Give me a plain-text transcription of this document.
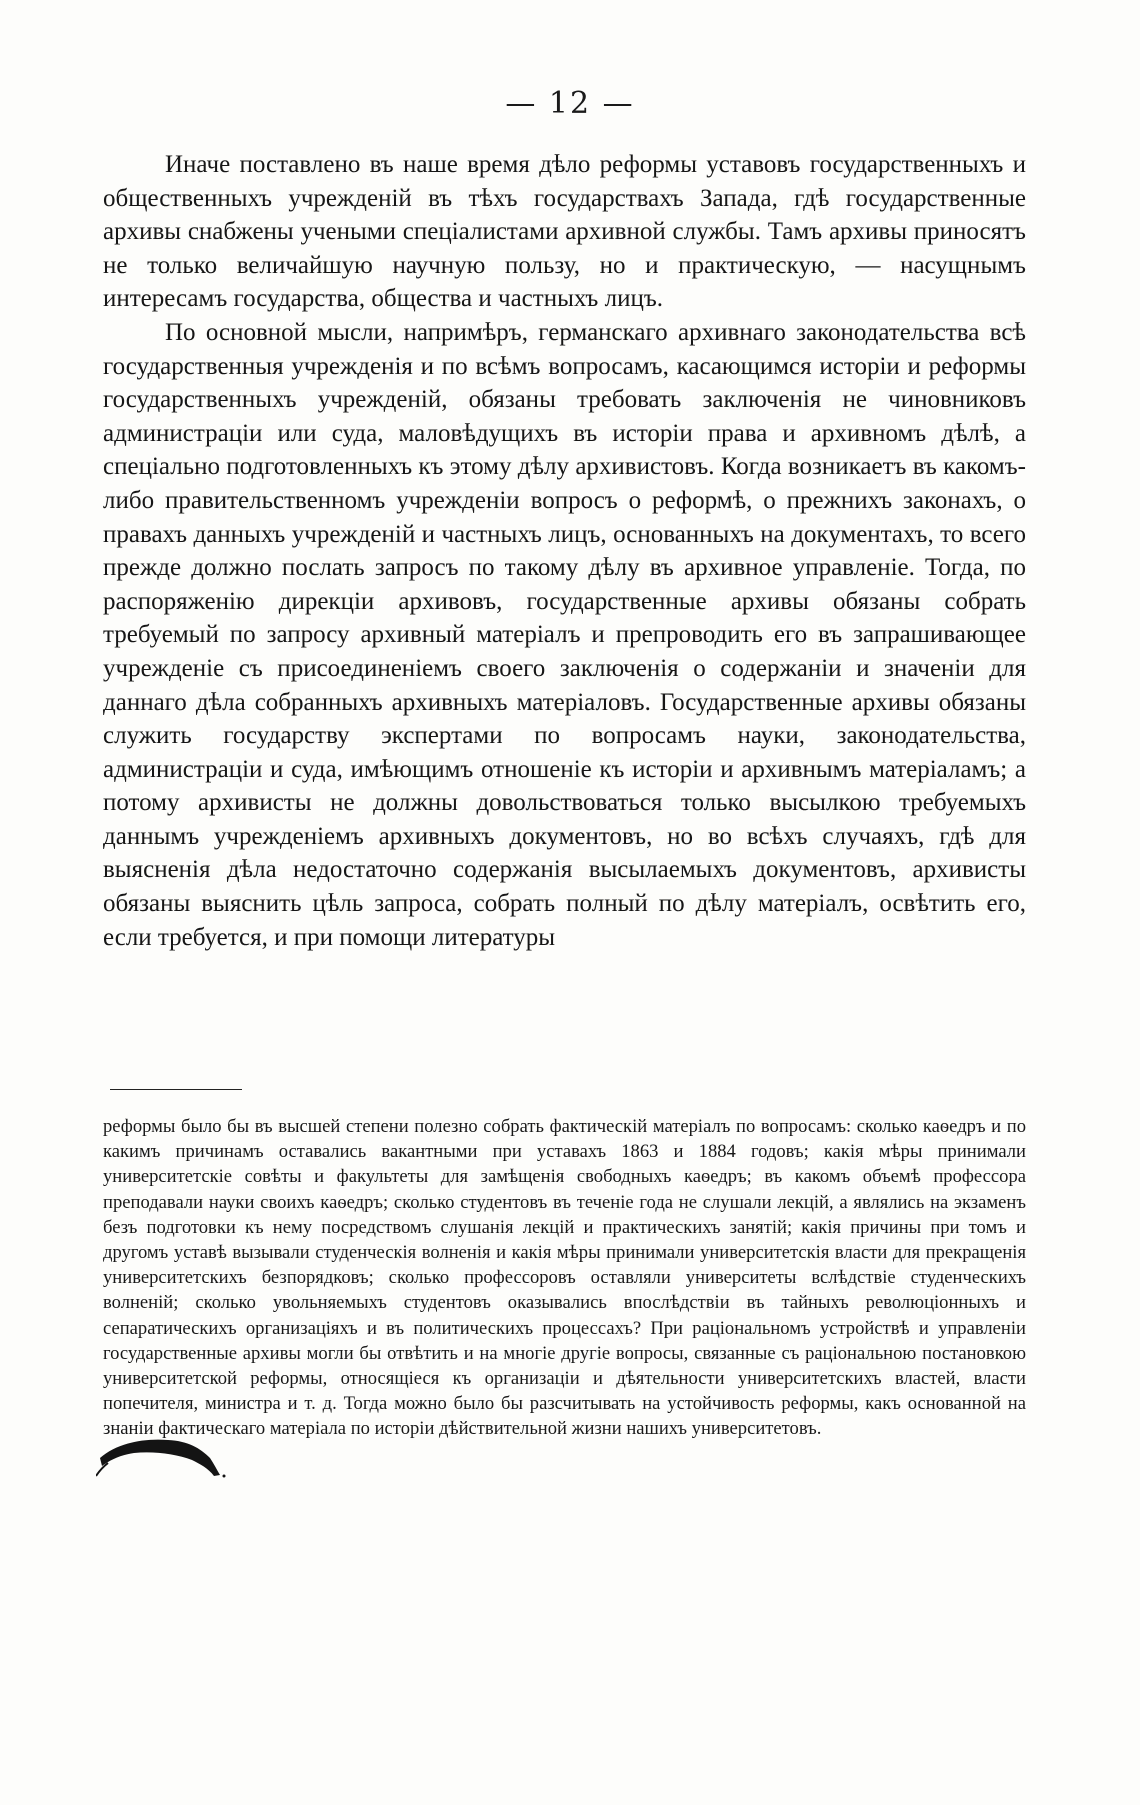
— 12 —

Иначе поставлено въ наше время дѣло реформы уставовъ государственныхъ и общественныхъ учрежденій въ тѣхъ государствахъ Запада, гдѣ государственные архивы снабжены учеными спеціалистами архивной службы. Тамъ архивы приносятъ не только величайшую научную пользу, но и практическую, — насущнымъ интересамъ государства, общества и частныхъ лицъ.

По основной мысли, напримѣръ, германскаго архивнаго законодательства всѣ государственныя учрежденія и по всѣмъ вопросамъ, касающимся исторіи и реформы государственныхъ учрежденій, обязаны требовать заключенія не чиновниковъ администраціи или суда, маловѣдущихъ въ исторіи права и архивномъ дѣлѣ, а спеціально подготовленныхъ къ этому дѣлу архивистовъ. Когда возникаетъ въ какомъ-либо правительственномъ учрежденіи вопросъ о реформѣ, о прежнихъ законахъ, о правахъ данныхъ учрежденій и частныхъ лицъ, основанныхъ на документахъ, то всего прежде должно послать запросъ по такому дѣлу въ архивное управленіе. Тогда, по распоряженію дирекціи архивовъ, государственные архивы обязаны собрать требуемый по запросу архивный матеріалъ и препроводить его въ запрашивающее учрежденіе съ присоединеніемъ своего заключенія о содержаніи и значеніи для даннаго дѣла собранныхъ архивныхъ матеріаловъ. Государственные архивы обязаны служить государству экспертами по вопросамъ науки, законодательства, администраціи и суда, имѣющимъ отношеніе къ исторіи и архивнымъ матеріаламъ; а потому архивисты не должны довольствоваться только высылкою требуемыхъ даннымъ учрежденіемъ архивныхъ документовъ, но во всѣхъ случаяхъ, гдѣ для выясненія дѣла недостаточно содержанія высылаемыхъ документовъ, архивисты обязаны выяснить цѣль запроса, собрать полный по дѣлу матеріалъ, освѣтить его, если требуется, и при помощи литературы

реформы было бы въ высшей степени полезно собрать фактическій матеріалъ по вопросамъ: сколько каѳедръ и по какимъ причинамъ оставались вакантными при уставахъ 1863 и 1884 годовъ; какія мѣры принимали университетскіе совѣты и факультеты для замѣщенія свободныхъ каѳедръ; въ какомъ объемѣ профессора преподавали науки своихъ каѳедръ; сколько студентовъ въ теченіе года не слушали лекцій, а являлись на экзаменъ безъ подготовки къ нему посредствомъ слушанія лекцій и практическихъ занятій; какія причины при томъ и другомъ уставѣ вызывали студенческія волненія и какія мѣры принимали университетскія власти для прекращенія университетскихъ безпорядковъ; сколько профессоровъ оставляли университеты вслѣдствіе студенческихъ волненій; сколько увольняемыхъ студентовъ оказывались впослѣдствіи въ тайныхъ революціонныхъ и сепаратическихъ организаціяхъ и въ политическихъ процессахъ? При раціональномъ устройствѣ и управленіи государственные архивы могли бы отвѣтить и на многіе другіе вопросы, связанные съ раціональною постановкою университетской реформы, относящіеся къ организаціи и дѣятельности университетскихъ властей, власти попечителя, министра и т. д. Тогда можно было бы разсчитывать на устойчивость реформы, какъ основанной на знаніи фактическаго матеріала по исторіи дѣйствительной жизни нашихъ университетовъ.
